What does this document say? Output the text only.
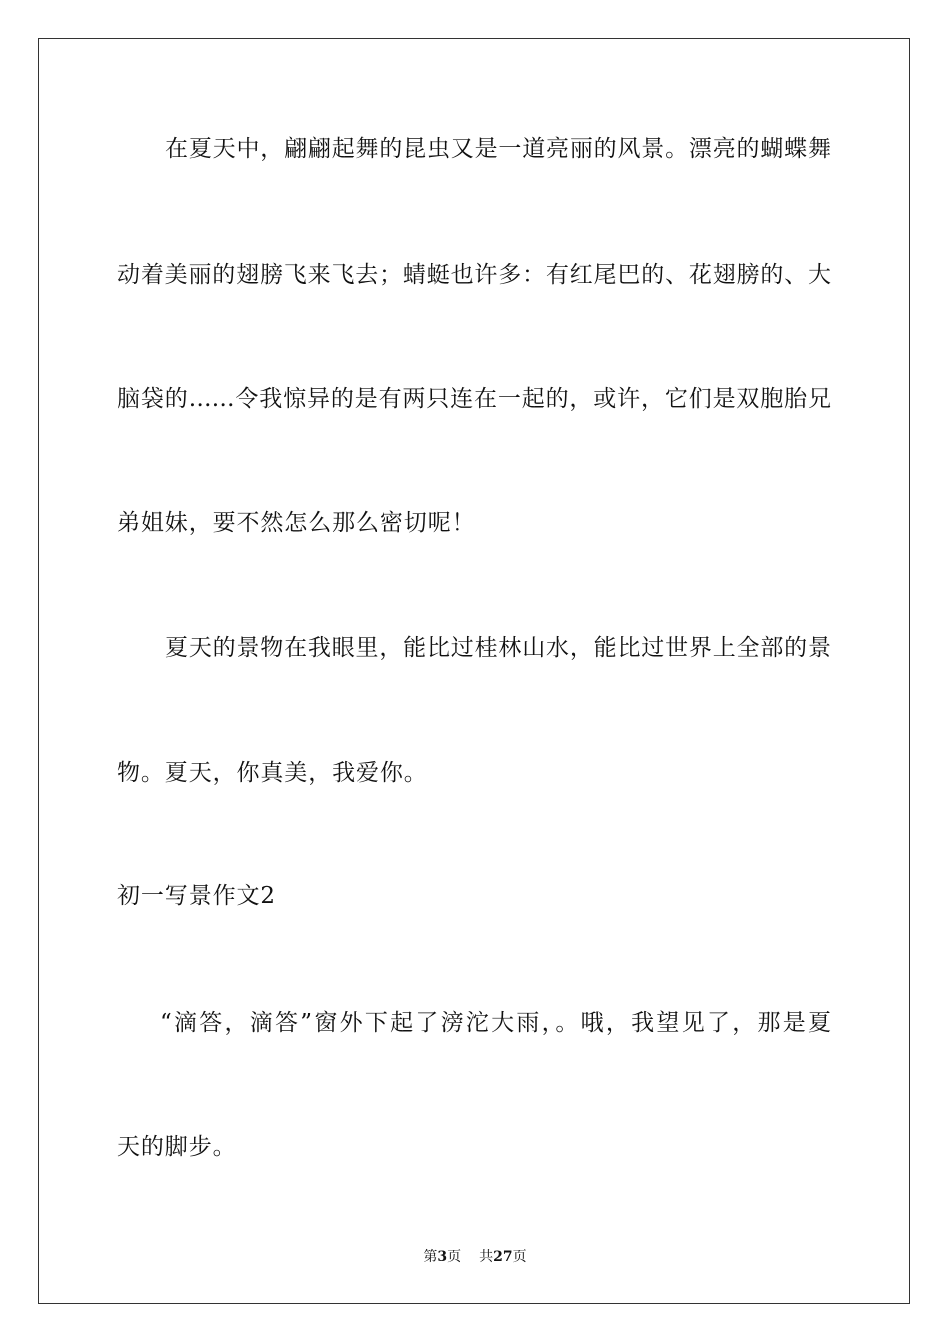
在夏天中，翩翩起舞的昆虫又是一道亮丽的风景。漂亮的蝴蝶舞
动着美丽的翅膀飞来飞去；蜻蜓也许多：有红尾巴的、花翅膀的、大
脑袋的……令我惊异的是有两只连在一起的，或许，它们是双胞胎兄
弟姐妹，要不然怎么那么密切呢！
夏天的景物在我眼里，能比过桂林山水，能比过世界上全部的景
物。夏天，你真美，我爱你。
初一写景作文2
“滴答，滴答”窗外下起了滂沱大雨，。哦，我望见了，那是夏
天的脚步。
第3页 共27页
